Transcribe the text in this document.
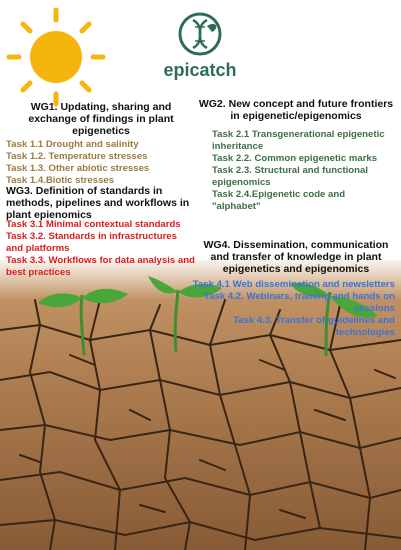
epicatch
WG1. Updating, sharing and exchange of findings in plant epigenetics

Task 1.1 Drought and salinity

Task 1.2. Temperature stresses

Task 1.3. Other abiotic stresses

Task 1.4.Biotic stresses

WG2. New concept and future frontiers in epigenetic/epigenomics

Task 2.1 Transgenerational epigenetic inheritance

Task 2.2. Common epigenetic marks

Task 2.3. Structural and functional epigenomics

Task 2.4.Epigenetic code and "alphabet"

WG3. Definition of standards in methods, pipelines and workflows in plant epienomics

Task 3.1 Minimal contextual standards

Task 3.2. Standards in infrastructures and platforms

Task 3.3. Workflows for data analysis and best practices

WG4. Dissemination, communication and transfer of knowledge in plant epigenetics and epigenomics

Task 4.1 Web dissemination and newsletters

Task 4.2. Webinars, training and hands on sessions

Task 4.3. Transfer of guidelines and technologies
